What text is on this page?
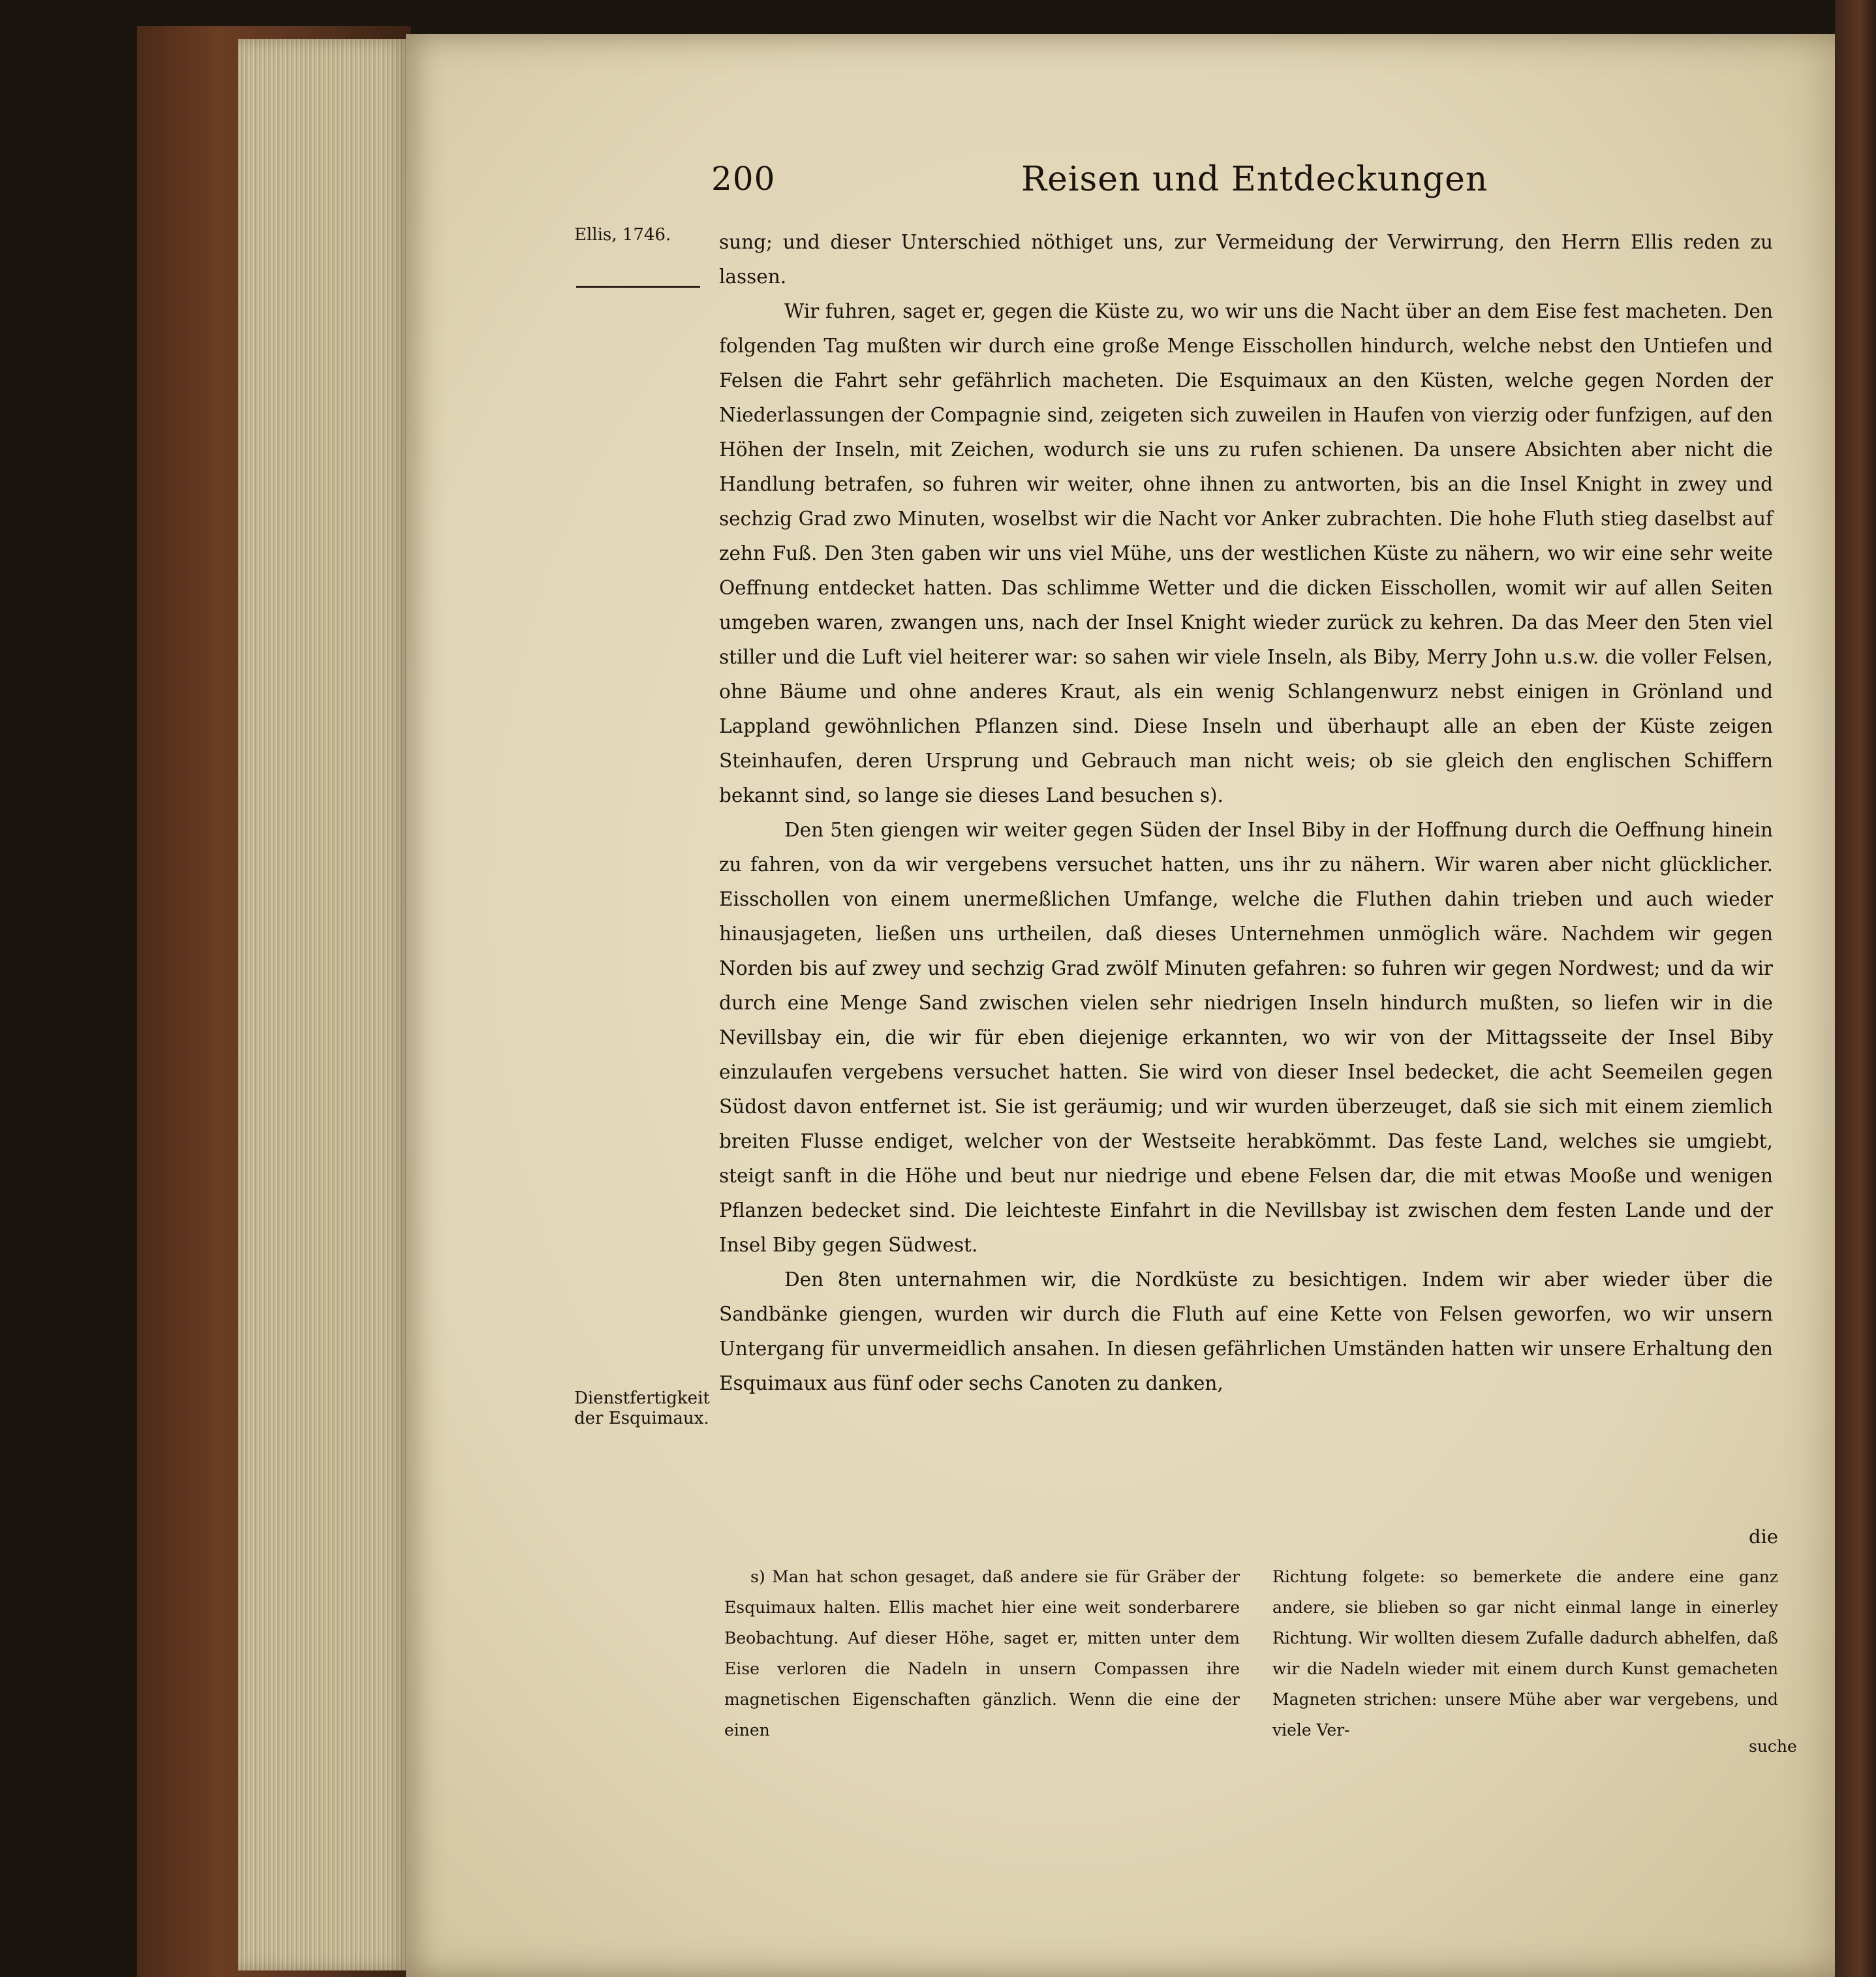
200	Reisen und Entdeckungen
Ellis, 1746.
Dienstfertigkeit der Esquimaux.

sung; und dieser Unterschied nöthiget uns, zur Vermeidung der Verwirrung, den Herrn Ellis reden zu lassen.

Wir fuhren, saget er, gegen die Küste zu, wo wir uns die Nacht über an dem Eise fest macheten. Den folgenden Tag mußten wir durch eine große Menge Eisschollen hindurch, welche nebst den Untiefen und Felsen die Fahrt sehr gefährlich macheten. Die Esquimaux an den Küsten, welche gegen Norden der Niederlassungen der Compagnie sind, zeigeten sich zuweilen in Haufen von vierzig oder funfzigen, auf den Höhen der Inseln, mit Zeichen, wodurch sie uns zu rufen schienen. Da unsere Absichten aber nicht die Handlung betrafen, so fuhren wir weiter, ohne ihnen zu antworten, bis an die Insel Knight in zwey und sechzig Grad zwo Minuten, woselbst wir die Nacht vor Anker zubrachten. Die hohe Fluth stieg daselbst auf zehn Fuß. Den 3ten gaben wir uns viel Mühe, uns der westlichen Küste zu nähern, wo wir eine sehr weite Oeffnung entdecket hatten. Das schlimme Wetter und die dicken Eisschollen, womit wir auf allen Seiten umgeben waren, zwangen uns, nach der Insel Knight wieder zurück zu kehren. Da das Meer den 5ten viel stiller und die Luft viel heiterer war: so sahen wir viele Inseln, als Biby, Merry John u.s.w. die voller Felsen, ohne Bäume und ohne anderes Kraut, als ein wenig Schlangenwurz nebst einigen in Grönland und Lappland gewöhnlichen Pflanzen sind. Diese Inseln und überhaupt alle an eben der Küste zeigen Steinhaufen, deren Ursprung und Gebrauch man nicht weis; ob sie gleich den englischen Schiffern bekannt sind, so lange sie dieses Land besuchen s).

Den 5ten giengen wir weiter gegen Süden der Insel Biby in der Hoffnung durch die Oeffnung hinein zu fahren, von da wir vergebens versuchet hatten, uns ihr zu nähern. Wir waren aber nicht glücklicher. Eisschollen von einem unermeßlichen Umfange, welche die Fluthen dahin trieben und auch wieder hinausjageten, ließen uns urtheilen, daß dieses Unternehmen unmöglich wäre. Nachdem wir gegen Norden bis auf zwey und sechzig Grad zwölf Minuten gefahren: so fuhren wir gegen Nordwest; und da wir durch eine Menge Sand zwischen vielen sehr niedrigen Inseln hindurch mußten, so liefen wir in die Nevillsbay ein, die wir für eben diejenige erkannten, wo wir von der Mittagsseite der Insel Biby einzulaufen vergebens versuchet hatten. Sie wird von dieser Insel bedecket, die acht Seemeilen gegen Südost davon entfernet ist. Sie ist geräumig; und wir wurden überzeuget, daß sie sich mit einem ziemlich breiten Flusse endiget, welcher von der Westseite herabkömmt. Das feste Land, welches sie umgiebt, steigt sanft in die Höhe und beut nur niedrige und ebene Felsen dar, die mit etwas Mooße und wenigen Pflanzen bedecket sind. Die leichteste Einfahrt in die Nevillsbay ist zwischen dem festen Lande und der Insel Biby gegen Südwest.

Den 8ten unternahmen wir, die Nordküste zu besichtigen. Indem wir aber wieder über die Sandbänke giengen, wurden wir durch die Fluth auf eine Kette von Felsen geworfen, wo wir unsern Untergang für unvermeidlich ansahen. In diesen gefährlichen Umständen hatten wir unsere Erhaltung den Esquimaux aus fünf oder sechs Canoten zu danken,

die
s) Man hat schon gesaget, daß andere sie für Gräber der Esquimaux halten. Ellis machet hier eine weit sonderbarere Beobachtung. Auf dieser Höhe, saget er, mitten unter dem Eise verloren die Nadeln in unsern Compassen ihre magnetischen Eigenschaften gänzlich. Wenn die eine der einen
Richtung folgete: so bemerkete die andere eine ganz andere, sie blieben so gar nicht einmal lange in einerley Richtung. Wir wollten diesem Zufalle dadurch abhelfen, daß wir die Nadeln wieder mit einem durch Kunst gemacheten Magneten strichen: unsere Mühe aber war vergebens, und viele Ver-
suche
